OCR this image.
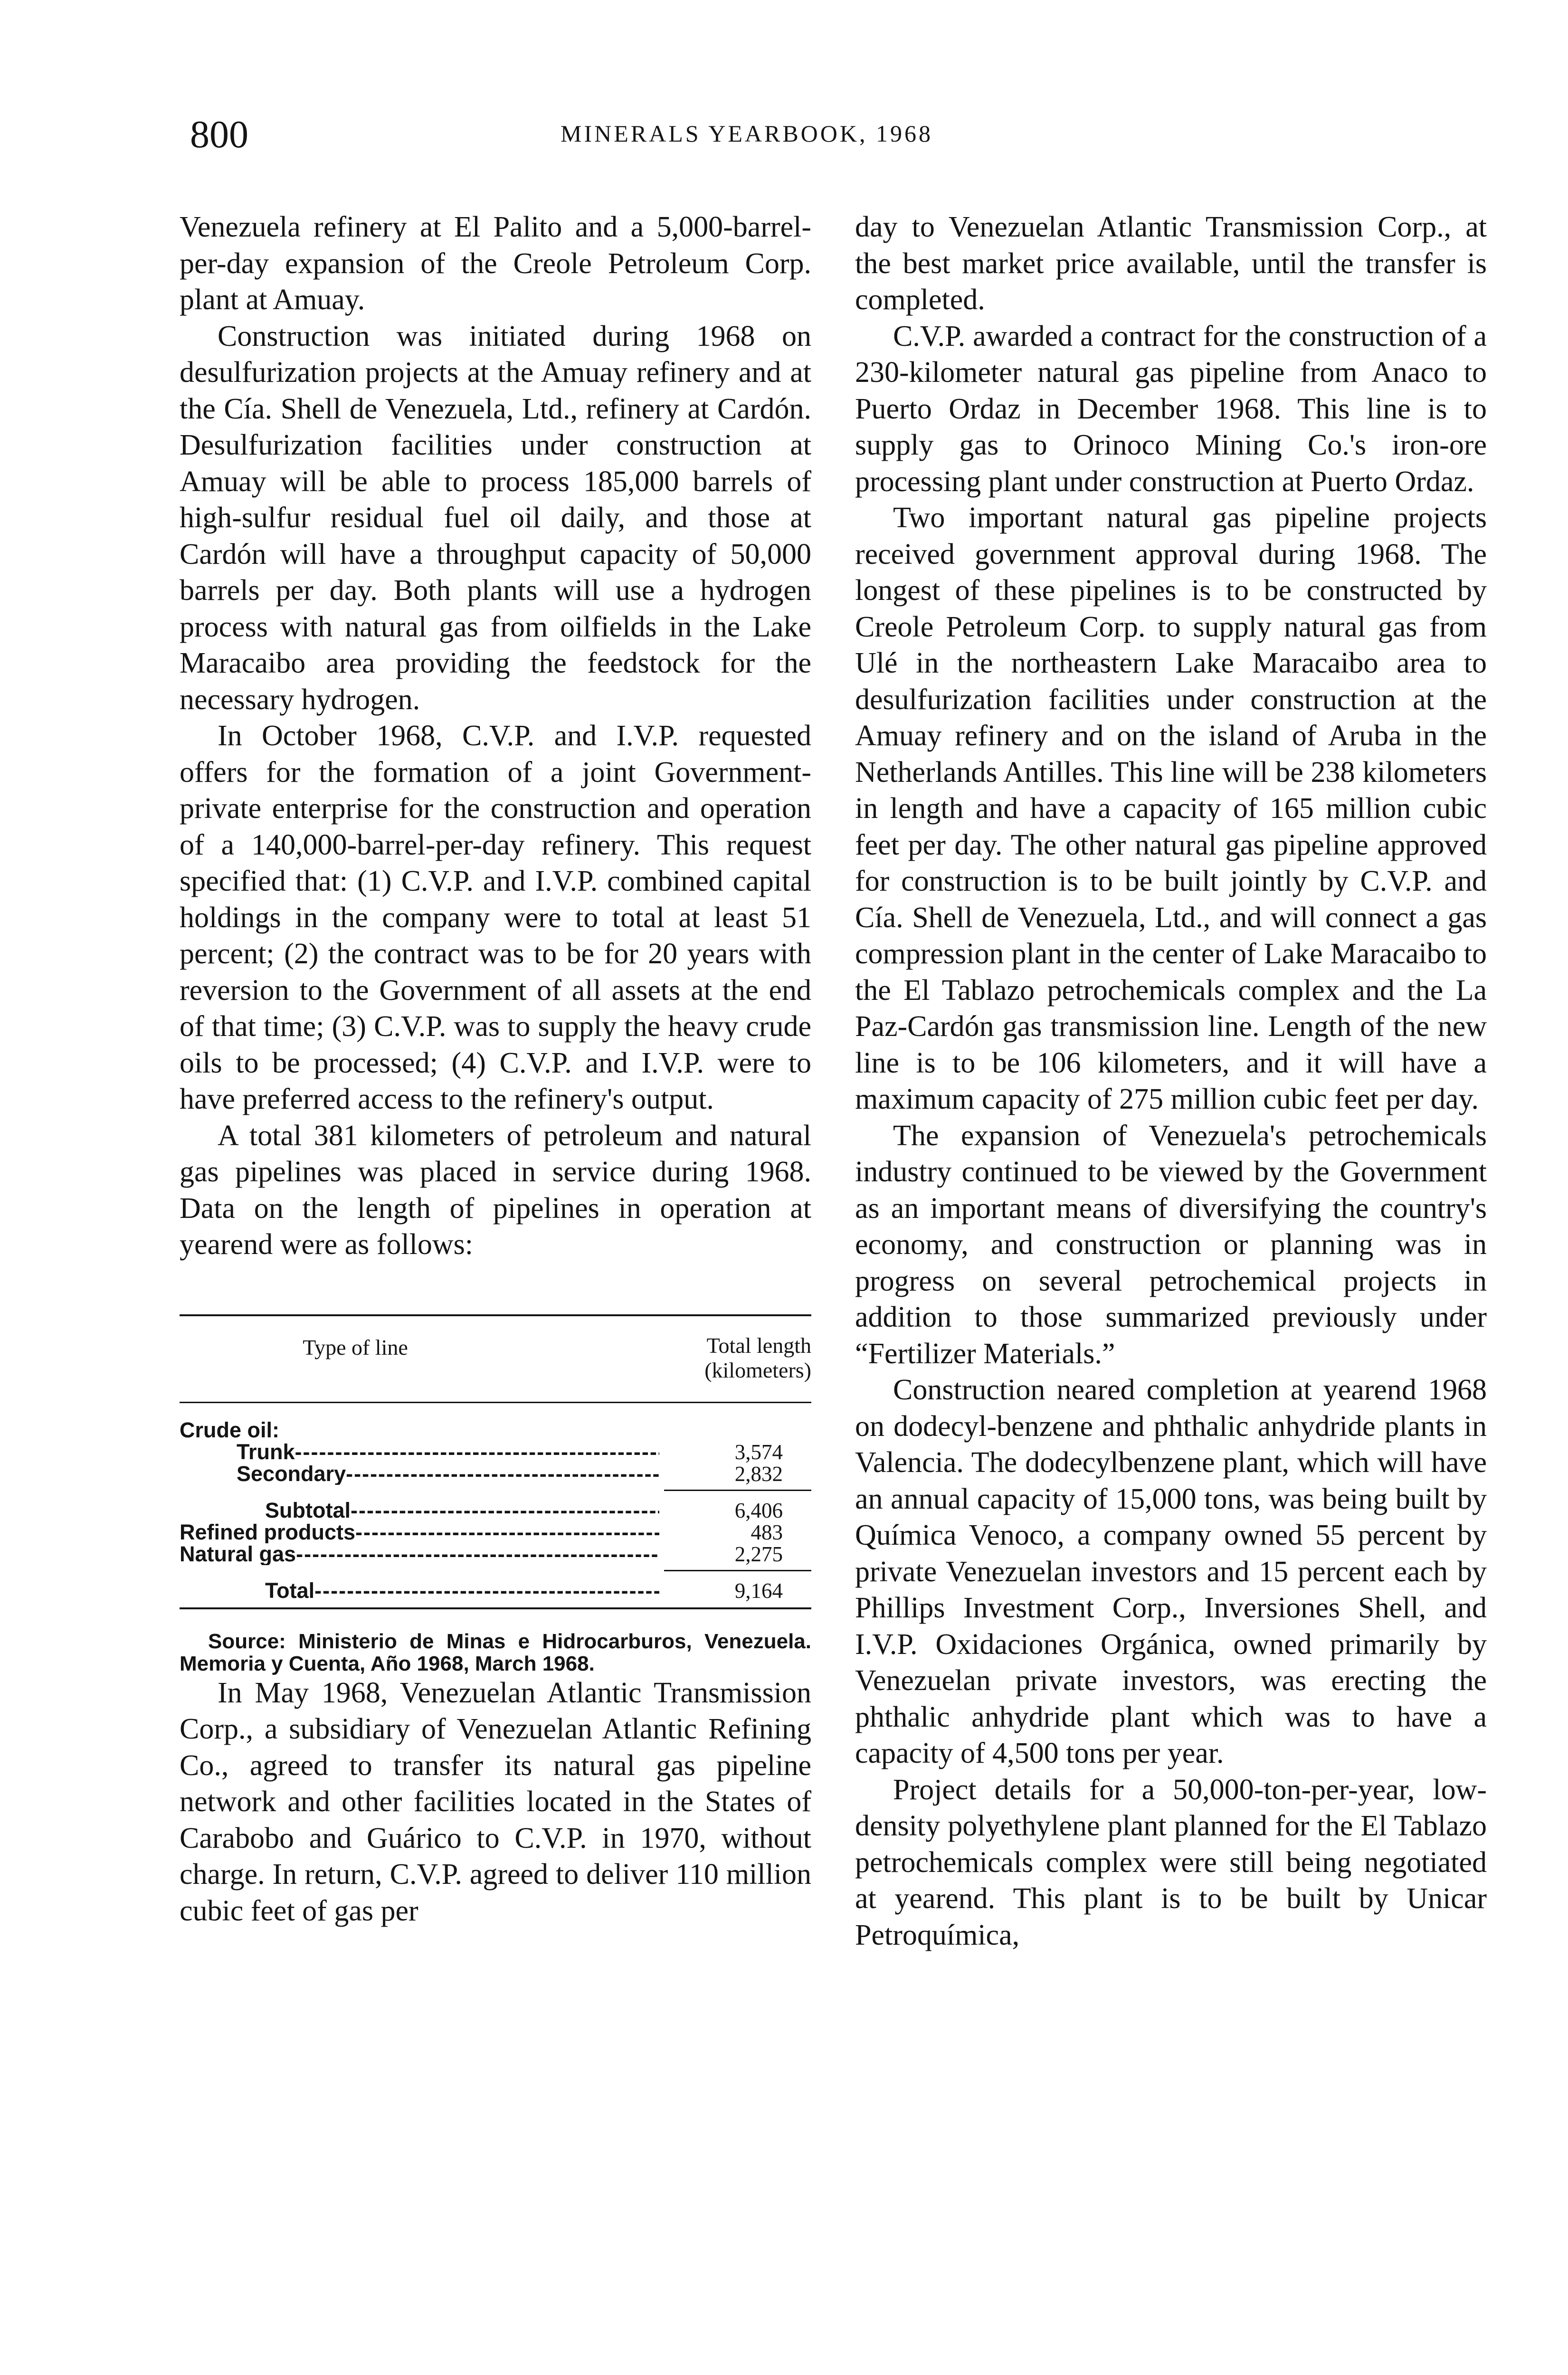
800	MINERALS YEARBOOK, 1968

Venezuela refinery at El Palito and a 5,000-barrel-per-day expansion of the Creole Petroleum Corp. plant at Amuay.

Construction was initiated during 1968 on desulfurization projects at the Amuay refinery and at the Cía. Shell de Venezuela, Ltd., refinery at Cardón. Desulfurization facilities under construction at Amuay will be able to process 185,000 barrels of high-sulfur residual fuel oil daily, and those at Cardón will have a throughput capacity of 50,000 barrels per day. Both plants will use a hydrogen process with natural gas from oilfields in the Lake Maracaibo area providing the feedstock for the necessary hydrogen.

In October 1968, C.V.P. and I.V.P. requested offers for the formation of a joint Government-private enterprise for the construction and operation of a 140,000-barrel-per-day refinery. This request specified that: (1) C.V.P. and I.V.P. combined capital holdings in the company were to total at least 51 percent; (2) the contract was to be for 20 years with reversion to the Government of all assets at the end of that time; (3) C.V.P. was to supply the heavy crude oils to be processed; (4) C.V.P. and I.V.P. were to have preferred access to the refinery's output.

A total 381 kilometers of petroleum and natural gas pipelines was placed in service during 1968. Data on the length of pipelines in operation at yearend were as follows:

Type of line	Total length
(kilometers)
Crude oil:
Trunk -----	3,574
Secondary -----	2,832
Subtotal -----	6,406
Refined products -----	483
Natural gas -----	2,275
Total -----	9,164
Source: Ministerio de Minas e Hidrocarburos, Venezuela. Memoria y Cuenta, Año 1968, March 1968.

In May 1968, Venezuelan Atlantic Transmission Corp., a subsidiary of Venezuelan Atlantic Refining Co., agreed to transfer its natural gas pipeline network and other facilities located in the States of Carabobo and Guárico to C.V.P. in 1970, without charge. In return, C.V.P. agreed to deliver 110 million cubic feet of gas per

day to Venezuelan Atlantic Transmission Corp., at the best market price available, until the transfer is completed.

C.V.P. awarded a contract for the construction of a 230-kilometer natural gas pipeline from Anaco to Puerto Ordaz in December 1968. This line is to supply gas to Orinoco Mining Co.'s iron-ore processing plant under construction at Puerto Ordaz.

Two important natural gas pipeline projects received government approval during 1968. The longest of these pipelines is to be constructed by Creole Petroleum Corp. to supply natural gas from Ulé in the northeastern Lake Maracaibo area to desulfurization facilities under construction at the Amuay refinery and on the island of Aruba in the Netherlands Antilles. This line will be 238 kilometers in length and have a capacity of 165 million cubic feet per day. The other natural gas pipeline approved for construction is to be built jointly by C.V.P. and Cía. Shell de Venezuela, Ltd., and will connect a gas compression plant in the center of Lake Maracaibo to the El Tablazo petrochemicals complex and the La Paz-Cardón gas transmission line. Length of the new line is to be 106 kilometers, and it will have a maximum capacity of 275 million cubic feet per day.

The expansion of Venezuela's petrochemicals industry continued to be viewed by the Government as an important means of diversifying the country's economy, and construction or planning was in progress on several petrochemical projects in addition to those summarized previously under “Fertilizer Materials.”

Construction neared completion at yearend 1968 on dodecyl-benzene and phthalic anhydride plants in Valencia. The dodecylbenzene plant, which will have an annual capacity of 15,000 tons, was being built by Química Venoco, a company owned 55 percent by private Venezuelan investors and 15 percent each by Phillips Investment Corp., Inversiones Shell, and I.V.P. Oxidaciones Orgánica, owned primarily by Venezuelan private investors, was erecting the phthalic anhydride plant which was to have a capacity of 4,500 tons per year.

Project details for a 50,000-ton-per-year, low-density polyethylene plant planned for the El Tablazo petrochemicals complex were still being negotiated at yearend. This plant is to be built by Unicar Petroquímica,
